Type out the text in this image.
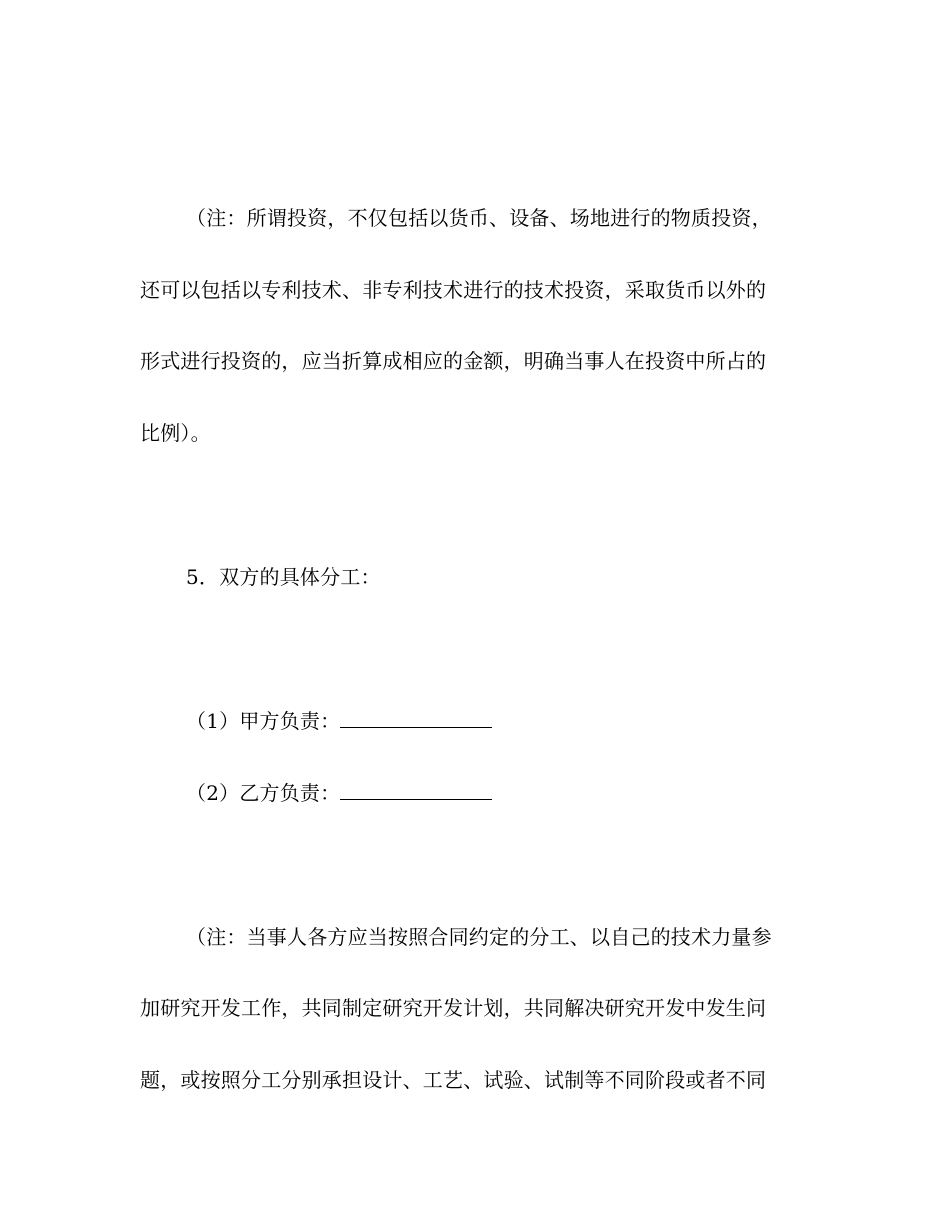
（注：所谓投资，不仅包括以货币、设备、场地进行的物质投资，
还可以包括以专利技术、非专利技术进行的技术投资，采取货币以外的
形式进行投资的，应当折算成相应的金额，明确当事人在投资中所占的
比例）。
5．双方的具体分工：
（1）甲方负责：
（2）乙方负责：
（注：当事人各方应当按照合同约定的分工、以自己的技术力量参
加研究开发工作，共同制定研究开发计划，共同解决研究开发中发生问
题，或按照分工分别承担设计、工艺、试验、试制等不同阶段或者不同
